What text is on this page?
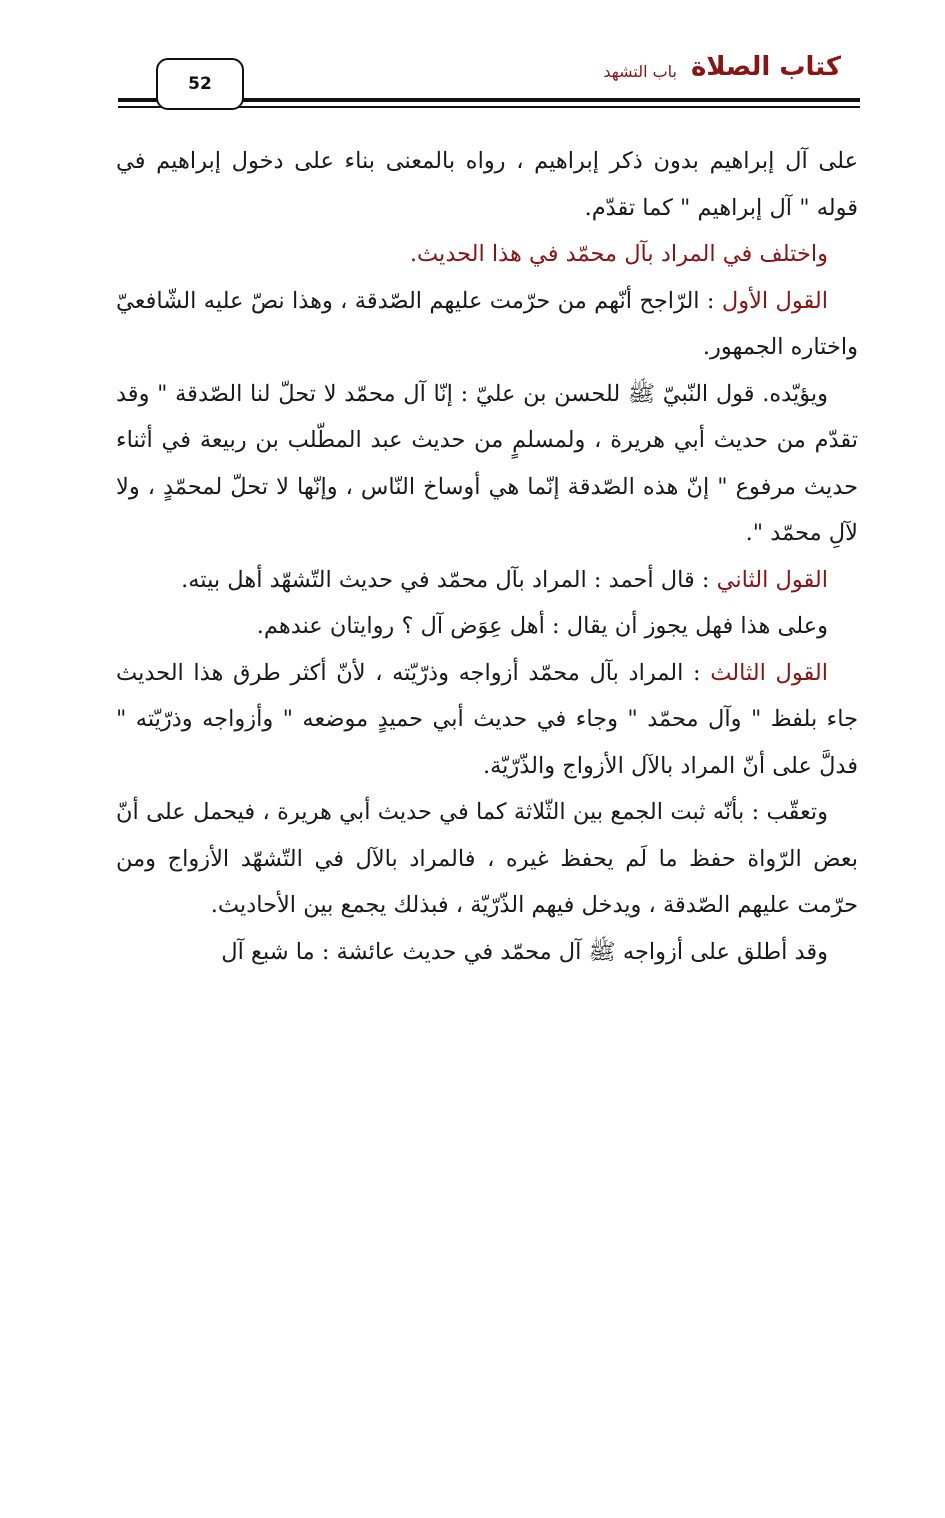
كتاب الصلاة
باب التشهد
52

على آل إبراهيم بدون ذكر إبراهيم ، رواه بالمعنى بناء على دخول إبراهيم في قوله " آل إبراهيم " كما تقدّم.

واختلف في المراد بآل محمّد في هذا الحديث.

القول الأول : الرّاجح أنّهم من حرّمت عليهم الصّدقة ، وهذا نصّ عليه الشّافعيّ واختاره الجمهور.

ويؤيّده. قول النّبيّ ﷺ للحسن بن عليّ : إنّا آل محمّد لا تحلّ لنا الصّدقة " وقد تقدّم من حديث أبي هريرة ، ولمسلمٍ من حديث عبد المطّلب بن ربيعة في أثناء حديث مرفوع " إنّ هذه الصّدقة إنّما هي أوساخ النّاس ، وإنّها لا تحلّ لمحمّدٍ ، ولا لآلِ محمّد ".

القول الثاني : قال أحمد : المراد بآل محمّد في حديث التّشهّد أهل بيته.

وعلى هذا فهل يجوز أن يقال : أهل عِوَض آل ؟ روايتان عندهم.

القول الثالث : المراد بآل محمّد أزواجه وذرّيّته ، لأنّ أكثر طرق هذا الحديث جاء بلفظ " وآل محمّد " وجاء في حديث أبي حميدٍ موضعه " وأزواجه وذرّيّته " فدلَّ على أنّ المراد بالآل الأزواج والذّرّيّة.

وتعقّب : بأنّه ثبت الجمع بين الثّلاثة كما في حديث أبي هريرة ، فيحمل على أنّ بعض الرّواة حفظ ما لَم يحفظ غيره ، فالمراد بالآل في التّشهّد الأزواج ومن حرّمت عليهم الصّدقة ، ويدخل فيهم الذّرّيّة ، فبذلك يجمع بين الأحاديث.

وقد أطلق على أزواجه ﷺ آل محمّد في حديث عائشة : ما شبع آل
